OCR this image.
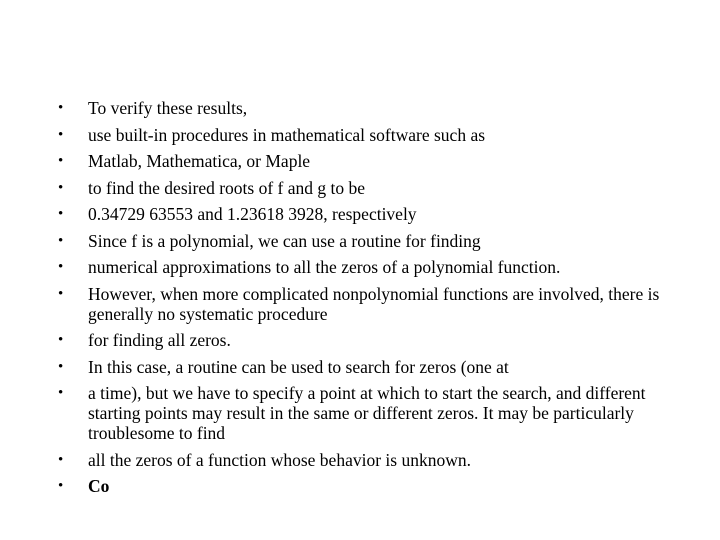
•	To verify these results,
•	use built-in procedures in mathematical software such as
•	Matlab, Mathematica, or Maple
•	to find the desired roots of f and g to be
•	0.34729 63553 and 1.23618 3928, respectively
•	Since f is a polynomial, we can use a routine for finding
•	numerical approximations to all the zeros of a polynomial function.
•	However, when more complicated nonpolynomial functions are involved, there is generally no systematic procedure
•	for finding all zeros.
•	In this case, a routine can be used to search for zeros (one at
•	a time), but we have to specify a point at which to start the search, and different starting points may result in the same or different zeros. It may be particularly troublesome to find
•	all the zeros of a function whose behavior is unknown.
•	Co
